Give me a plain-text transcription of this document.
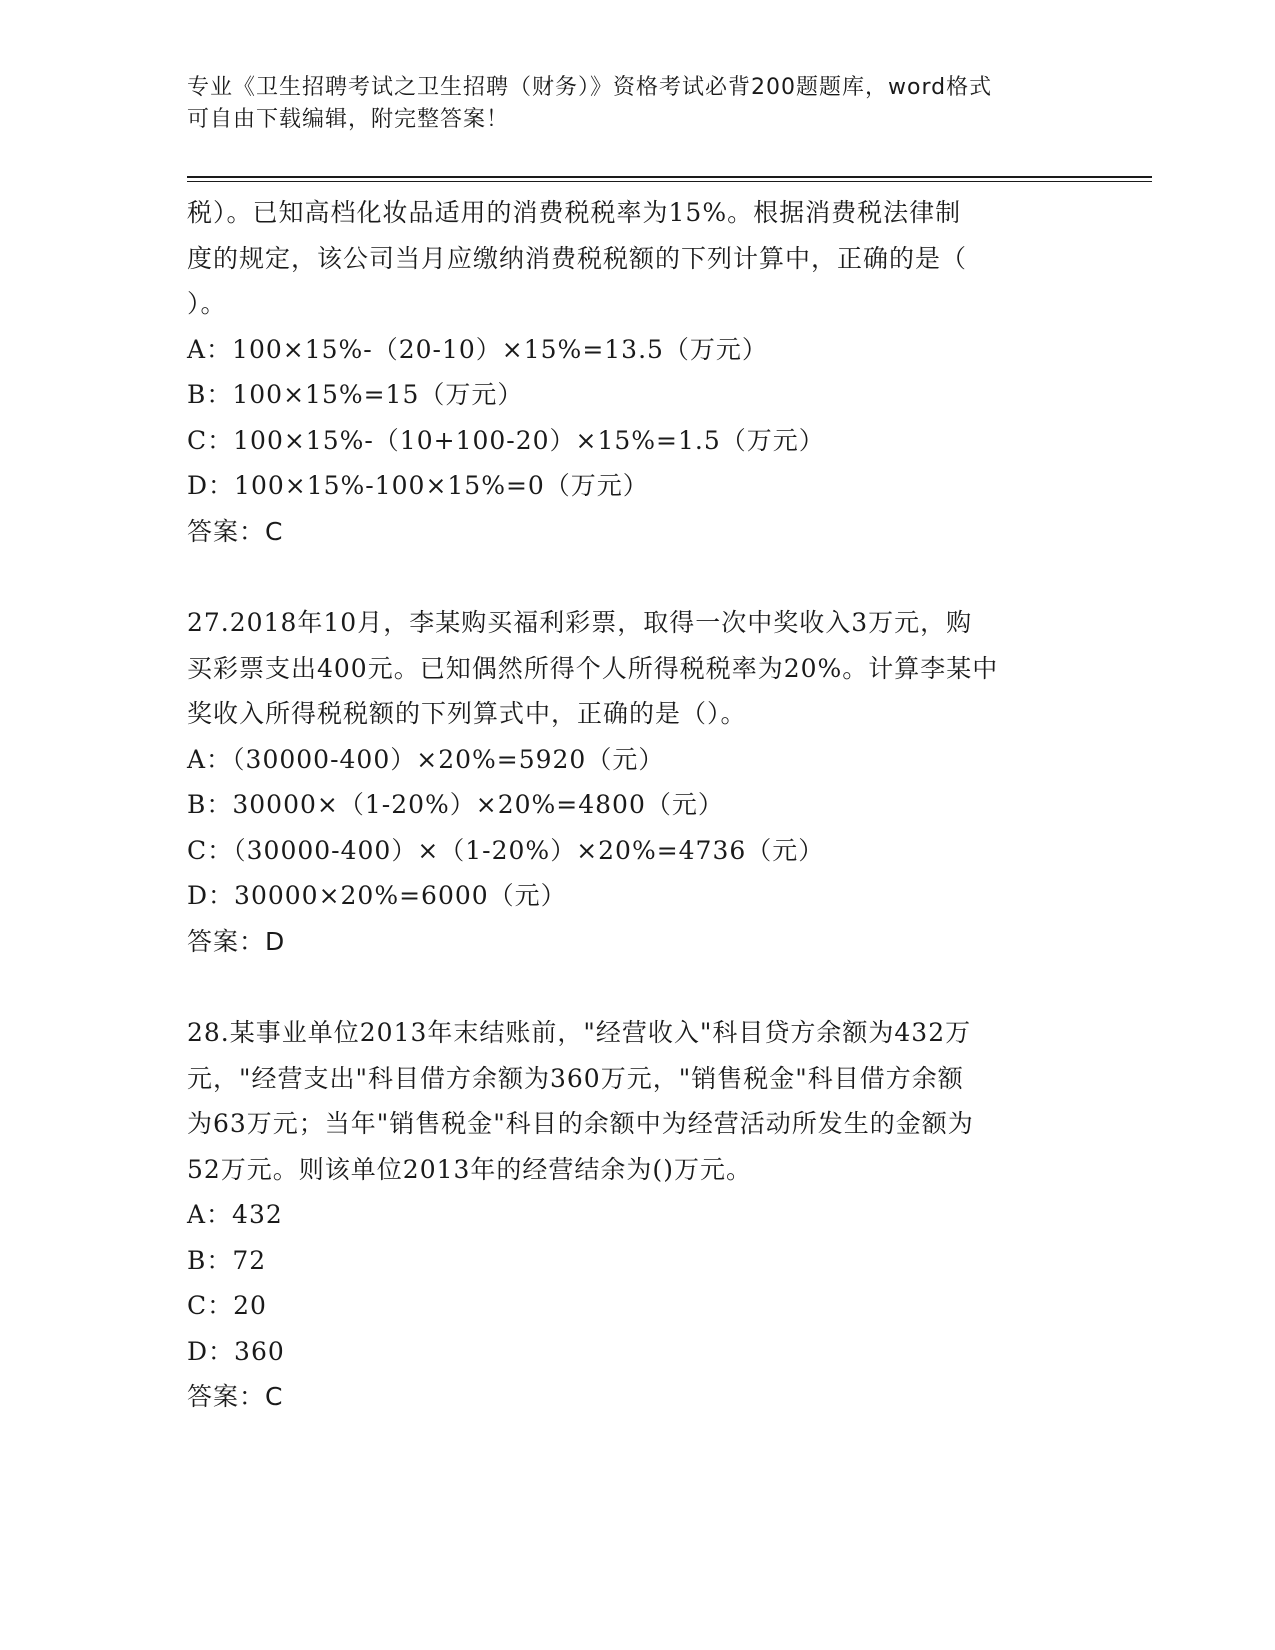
专业《卫生招聘考试之卫生招聘（财务）》资格考试必背200题题库，word格式
可自由下载编辑，附完整答案！
税）。已知高档化妆品适用的消费税税率为15%。根据消费税法律制
度的规定，该公司当月应缴纳消费税税额的下列计算中，正确的是（
）。
A：100×15%-（20-10）×15%=13.5（万元）
B：100×15%=15（万元）
C：100×15%-（10+100-20）×15%=1.5（万元）
D：100×15%-100×15%=0（万元）
答案：C
27.2018年10月，李某购买福利彩票，取得一次中奖收入3万元，购
买彩票支出400元。已知偶然所得个人所得税税率为20%。计算李某中
奖收入所得税税额的下列算式中，正确的是（）。
A：（30000-400）×20%=5920（元）
B：30000×（1-20%）×20%=4800（元）
C：（30000-400）×（1-20%）×20%=4736（元）
D：30000×20%=6000（元）
答案：D
28.某事业单位2013年末结账前，"经营收入"科目贷方余额为432万
元，"经营支出"科目借方余额为360万元，"销售税金"科目借方余额
为63万元；当年"销售税金"科目的余额中为经营活动所发生的金额为
52万元。则该单位2013年的经营结余为()万元。
A：432
B：72
C：20
D：360
答案：C
